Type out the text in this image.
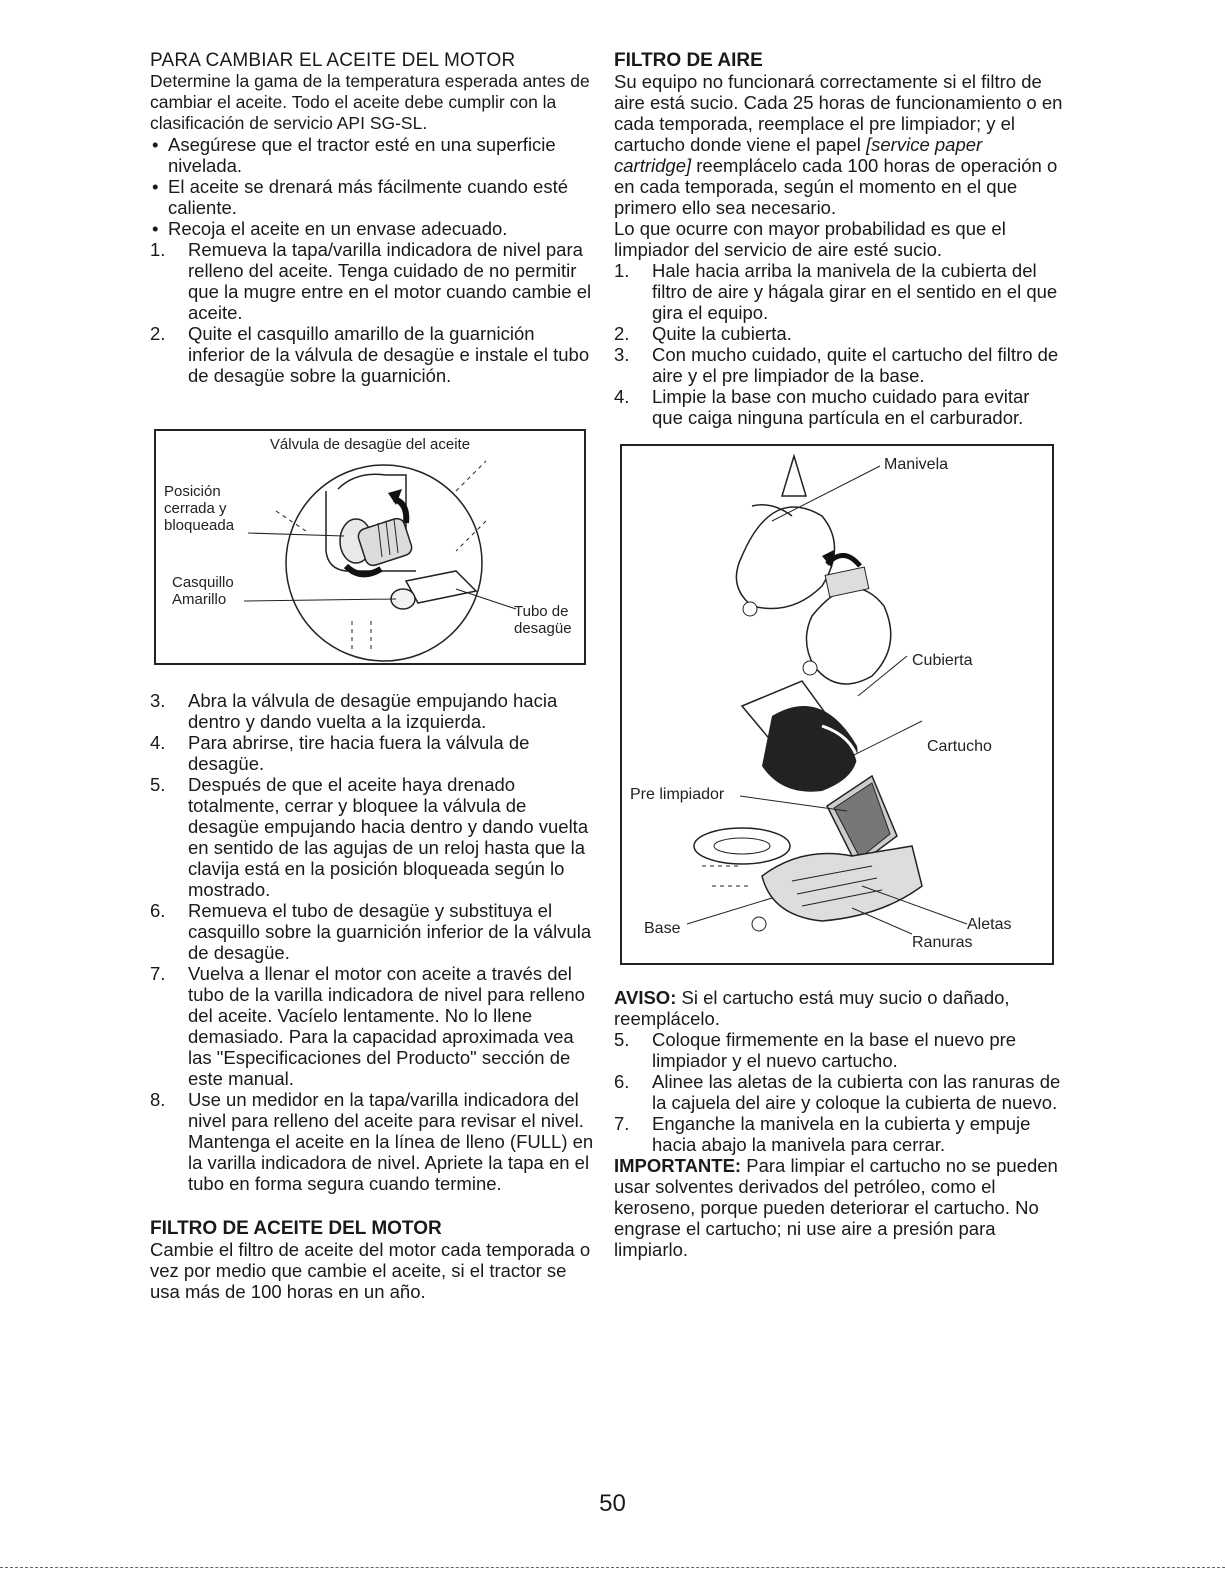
PARA CAMBIAR EL ACEITE DEL MOTOR

Determine la gama de la temperatura esperada antes de cambiar el aceite. Todo el aceite debe cumplir con la clasificación de servicio API SG-SL.

• Asegúrese que el tractor esté en una superficie nivelada.
• El aceite se drenará más fácilmente cuando esté caliente.
• Recoja el aceite en un envase adecuado.
1. Remueva la tapa/varilla indicadora de nivel para relleno del aceite. Tenga cuidado de no permitir que la mugre entre en el motor cuando cambie el aceite.
2. Quite el casquillo amarillo de la guarnición inferior de la válvula de desagüe e instale el tubo de desagüe sobre la guarnición.
Válvula de desagüe del aceite
Posición
cerrada y
bloqueada
Casquillo
Amarillo
Tubo de
desagüe
3. Abra la válvula de desagüe empujando hacia dentro y dando vuelta a la izquierda.
4. Para abrirse, tire hacia fuera la válvula de desagüe.
5. Después de que el aceite haya drenado totalmente, cerrar y bloquee la válvula de desagüe empujando hacia dentro y dando vuelta en sentido de las agujas de un reloj hasta que la clavija está en la posición bloqueada según lo mostrado.
6. Remueva el tubo de desagüe y substituya el casquillo sobre la guarnición inferior de la válvula de desagüe.
7. Vuelva a llenar el motor con aceite a través del tubo de la varilla indicadora de nivel para relleno del aceite. Vacíelo lentamente. No lo llene demasiado. Para la capacidad aproximada vea las "Especificaciones del Producto" sección de este manual.
8. Use un medidor en la tapa/varilla indicadora del nivel para relleno del aceite para revisar el nivel. Mantenga el aceite en la línea de lleno (FULL) en la varilla indicadora de nivel. Apriete la tapa en el tubo en forma segura cuando termine.
FILTRO DE ACEITE DEL MOTOR

Cambie el filtro de aceite del motor cada temporada o vez por medio que cambie el aceite, si el tractor se usa más de 100 horas en un año.

FILTRO DE AIRE

Su equipo no funcionará correctamente si el filtro de aire está sucio. Cada 25 horas de funcionamiento o en cada temporada, reemplace el pre limpiador; y el cartucho donde viene el papel [service paper cartridge] reemplácelo cada 100 horas de operación o en cada temporada, según el momento en el que primero ello sea necesario.

Lo que ocurre con mayor probabilidad es que el limpiador del servicio de aire esté sucio.

1. Hale hacia arriba la manivela de la cubierta del filtro de aire y hágala girar en el sentido en el que gira el equipo.
2. Quite la cubierta.
3. Con mucho cuidado, quite el cartucho del filtro de aire y el pre limpiador de la base.
4. Limpie la base con mucho cuidado para evitar que caiga ninguna partícula en el carburador.
Manivela
Cubierta
Cartucho
Pre limpiador
Base	Aletas
Ranuras

AVISO: Si el cartucho está muy sucio o dañado, reemplácelo.

5. Coloque firmemente en la base el nuevo pre limpiador y el nuevo cartucho.
6. Alinee las aletas de la cubierta con las ranuras de la cajuela del aire y coloque la cubierta de nuevo.
7. Enganche la manivela en la cubierta y empuje hacia abajo la manivela para cerrar.

IMPORTANTE: Para limpiar el cartucho no se pueden usar solventes derivados del petróleo, como el keroseno, porque pueden deteriorar el cartucho. No engrase el cartucho; ni use aire a presión para limpiarlo.

50
